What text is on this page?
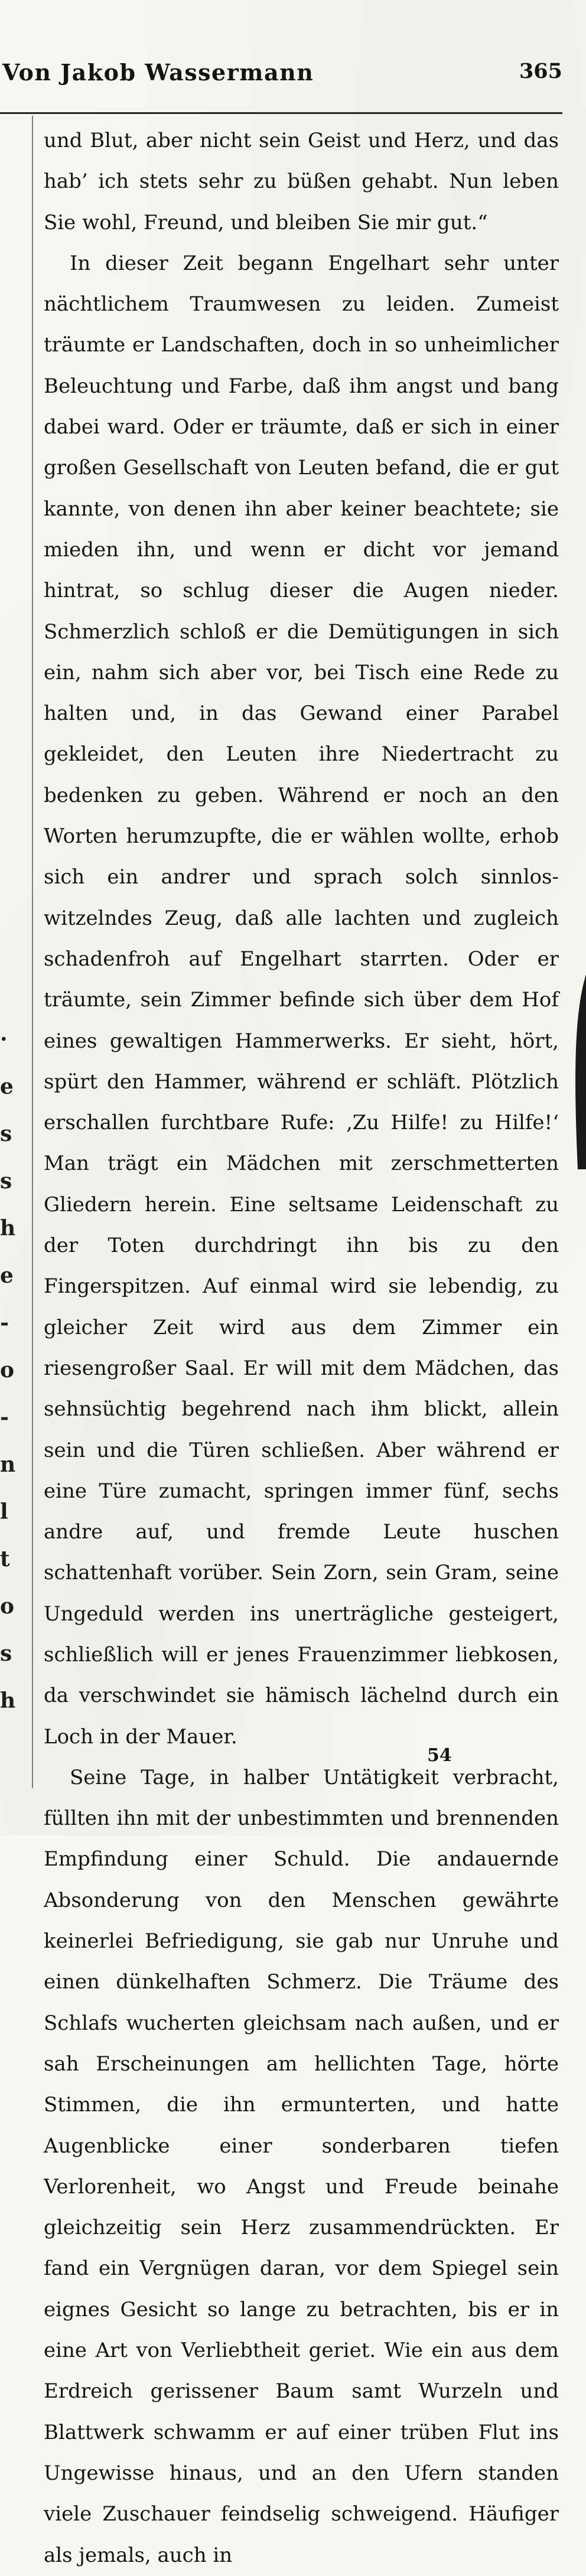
Von Jakob Wassermann	365
·
e
s
s
h
e
-
o
-
n
l
t
o
s
h

und Blut, aber nicht sein Geist und Herz, und das hab’ ich stets sehr zu büßen gehabt. Nun leben Sie wohl, Freund, und bleiben Sie mir gut.“

In dieser Zeit begann Engelhart sehr unter nächtlichem Traumwesen zu leiden. Zumeist träumte er Landschaften, doch in so unheimlicher Beleuchtung und Farbe, daß ihm angst und bang dabei ward. Oder er träumte, daß er sich in einer großen Gesellschaft von Leuten befand, die er gut kannte, von denen ihn aber keiner beachtete; sie mieden ihn, und wenn er dicht vor jemand hintrat, so schlug dieser die Augen nieder. Schmerzlich schloß er die Demütigungen in sich ein, nahm sich aber vor, bei Tisch eine Rede zu halten und, in das Gewand einer Parabel gekleidet, den Leuten ihre Niedertracht zu bedenken zu geben. Während er noch an den Worten herumzupfte, die er wählen wollte, erhob sich ein andrer und sprach solch sinnlos-witzelndes Zeug, daß alle lachten und zugleich schadenfroh auf Engelhart starrten. Oder er träumte, sein Zimmer befinde sich über dem Hof eines gewaltigen Hammerwerks. Er sieht, hört, spürt den Hammer, während er schläft. Plötzlich erschallen furchtbare Rufe: ‚Zu Hilfe! zu Hilfe!‘ Man trägt ein Mädchen mit zerschmetterten Gliedern herein. Eine seltsame Leidenschaft zu der Toten durchdringt ihn bis zu den Fingerspitzen. Auf einmal wird sie lebendig, zu gleicher Zeit wird aus dem Zimmer ein riesengroßer Saal. Er will mit dem Mädchen, das sehnsüchtig begehrend nach ihm blickt, allein sein und die Türen schließen. Aber während er eine Türe zumacht, springen immer fünf, sechs andre auf, und fremde Leute huschen schattenhaft vorüber. Sein Zorn, sein Gram, seine Ungeduld werden ins unerträgliche gesteigert, schließlich will er jenes Frauenzimmer liebkosen, da verschwindet sie hämisch lächelnd durch ein Loch in der Mauer.

Seine Tage, in halber Untätigkeit verbracht, füllten ihn mit der unbestimmten und brennenden Empfindung einer Schuld. Die andauernde Absonderung von den Menschen gewährte keinerlei Befriedigung, sie gab nur Unruhe und einen dünkelhaften Schmerz. Die Träume des Schlafs wucherten gleichsam nach außen, und er sah Erscheinungen am hellichten Tage, hörte Stimmen, die ihn ermunterten, und hatte Augenblicke einer sonderbaren tiefen Verlorenheit, wo Angst und Freude beinahe gleichzeitig sein Herz zusammendrückten. Er fand ein Vergnügen daran, vor dem Spiegel sein eignes Gesicht so lange zu betrachten, bis er in eine Art von Verliebtheit geriet. Wie ein aus dem Erdreich gerissener Baum samt Wurzeln und Blattwerk schwamm er auf einer trüben Flut ins Ungewisse hinaus, und an den Ufern standen viele Zuschauer feindselig schweigend. Häufiger als jemals, auch in

54
